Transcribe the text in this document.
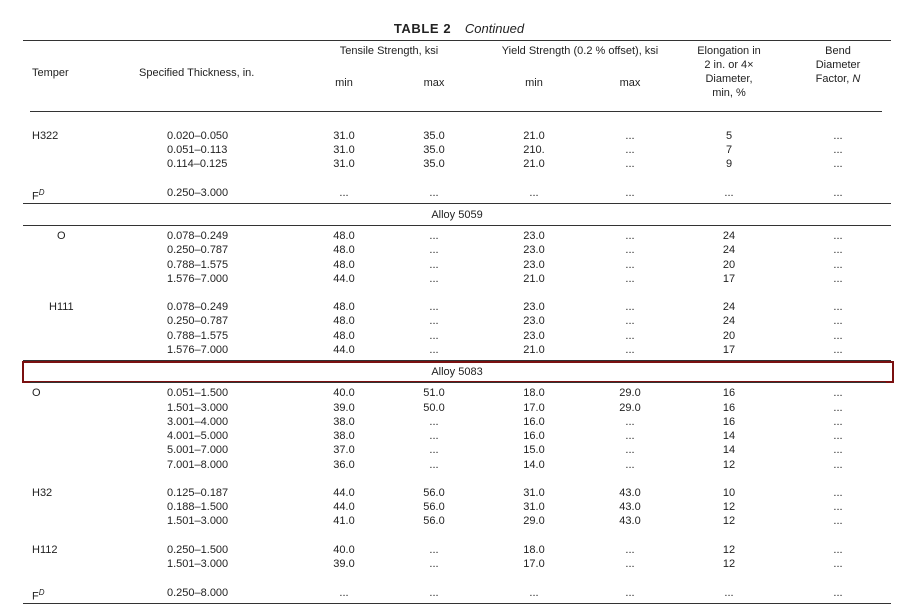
TABLE 2 Continued
Temper	Specified Thickness, in.
Tensile Strength, ksi	Yield Strength (0.2 % offset), ksi
min	max	min	max
Elongation in
2 in. or 4×
Diameter,
min, %
Bend
Diameter
Factor, N
H322	0.020–0.050	31.0	35.0	21.0	...	5	...
0.051–0.113	31.0	35.0	210.	...	7	...
0.114–0.125	31.0	35.0	21.0	...	9	...
$F^D$	0.250–3.000	...	...	...	...	...	...
Alloy 5059
O	0.078–0.249	48.0	...	23.0	...	24	...
0.250–0.787	48.0	...	23.0	...	24	...
0.788–1.575	48.0	...	23.0	...	20	...
1.576–7.000	44.0	...	21.0	...	17	...
H111	0.078–0.249	48.0	...	23.0	...	24	...
0.250–0.787	48.0	...	23.0	...	24	...
0.788–1.575	48.0	...	23.0	...	20	...
1.576–7.000	44.0	...	21.0	...	17	...
Alloy 5083
O	0.051–1.500	40.0	51.0	18.0	29.0	16	...
1.501–3.000	39.0	50.0	17.0	29.0	16	...
3.001–4.000	38.0	...	16.0	...	16	...
4.001–5.000	38.0	...	16.0	...	14	...
5.001–7.000	37.0	...	15.0	...	14	...
7.001–8.000	36.0	...	14.0	...	12	...
H32	0.125–0.187	44.0	56.0	31.0	43.0	10	...
0.188–1.500	44.0	56.0	31.0	43.0	12	...
1.501–3.000	41.0	56.0	29.0	43.0	12	...
H112	0.250–1.500	40.0	...	18.0	...	12	...
1.501–3.000	39.0	...	17.0	...	12	...
$F^D$	0.250–8.000	...	...	...	...	...	...
